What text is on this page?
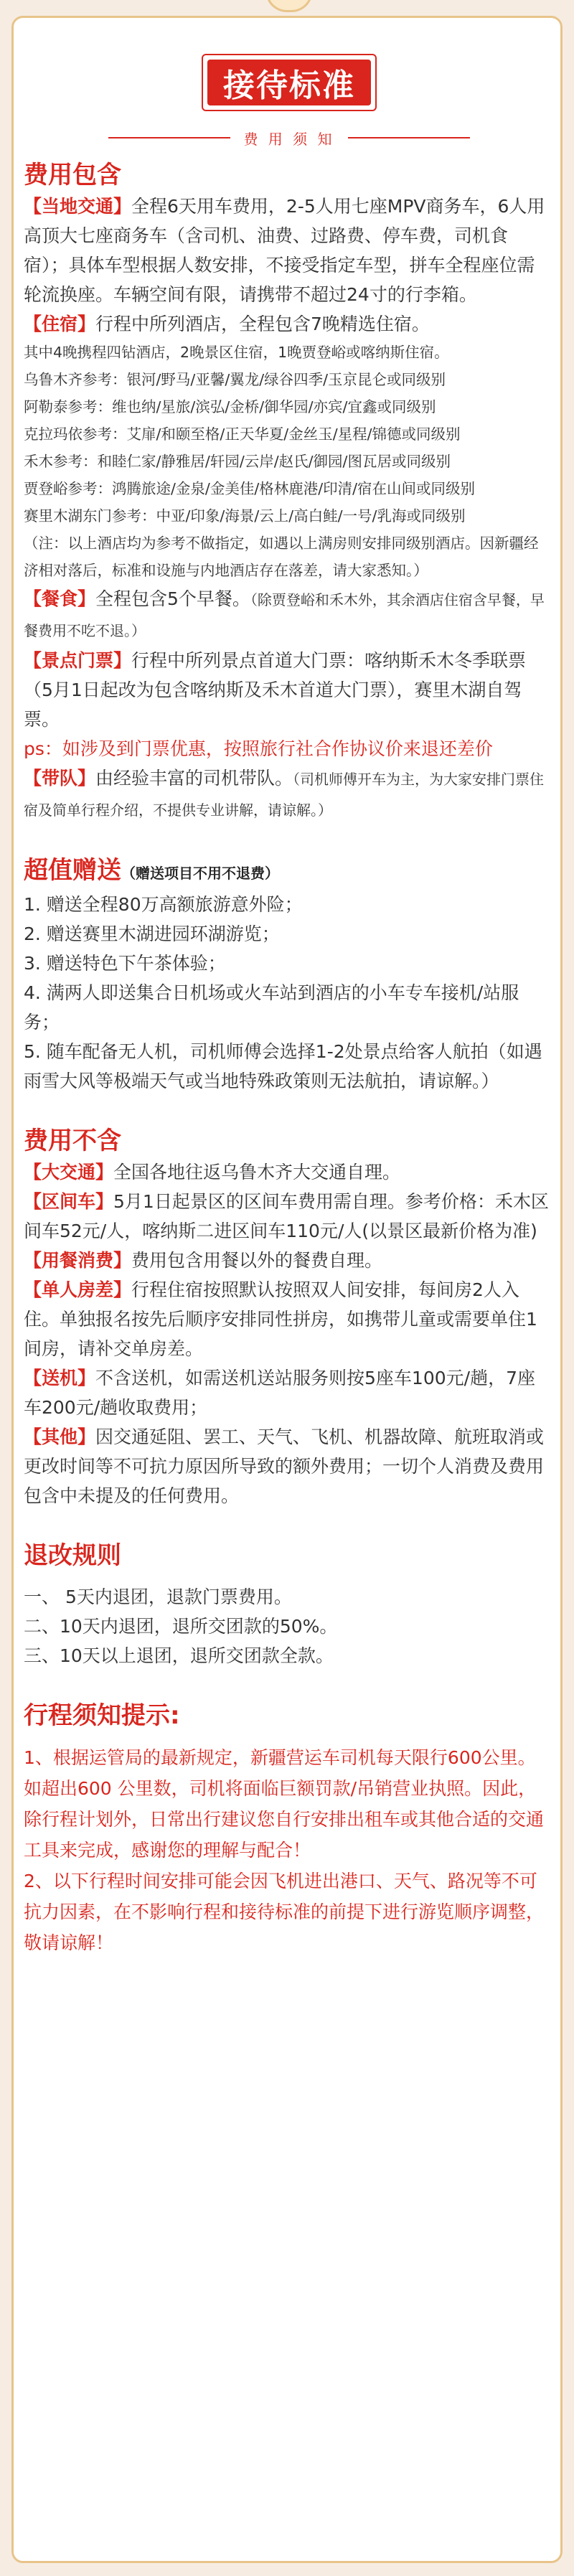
接待标准
费 用 须 知

费用包含

【当地交通】全程6天用车费用，2-5人用七座MPV商务车，6人用高顶大七座商务车（含司机、油费、过路费、停车费，司机食宿）；具体车型根据人数安排，不接受指定车型，拼车全程座位需轮流换座。车辆空间有限，请携带不超过24寸的行李箱。

【住宿】行程中所列酒店，全程包含7晚精选住宿。

其中4晚携程四钻酒店，2晚景区住宿，1晚贾登峪或喀纳斯住宿。

乌鲁木齐参考：银河/野马/亚馨/翼龙/绿谷四季/玉京昆仑或同级别

阿勒泰参考：维也纳/星旅/滨弘/金桥/御华园/亦宾/宜鑫或同级别

克拉玛依参考：艾扉/和颐至格/正天华夏/金丝玉/星程/锦德或同级别

禾木参考：和睦仁家/静雅居/轩园/云岸/赵氏/御园/图瓦居或同级别

贾登峪参考：鸿腾旅途/金泉/金美佳/格林鹿港/印清/宿在山间或同级别

赛里木湖东门参考：中亚/印象/海景/云上/高白鲑/一号/乳海或同级别

（注：以上酒店均为参考不做指定，如遇以上满房则安排同级别酒店。因新疆经济相对落后，标准和设施与内地酒店存在落差，请大家悉知。）

【餐食】全程包含5个早餐。（除贾登峪和禾木外，其余酒店住宿含早餐，早餐费用不吃不退。）

【景点门票】行程中所列景点首道大门票：喀纳斯禾木冬季联票（5月1日起改为包含喀纳斯及禾木首道大门票），赛里木湖自驾票。

ps：如涉及到门票优惠，按照旅行社合作协议价来退还差价

【带队】由经验丰富的司机带队。（司机师傅开车为主，为大家安排门票住宿及简单行程介绍，不提供专业讲解，请谅解。）

超值赠送（赠送项目不用不退费）

1. 赠送全程80万高额旅游意外险；

2. 赠送赛里木湖进园环湖游览；

3. 赠送特色下午茶体验；

4. 满两人即送集合日机场或火车站到酒店的小车专车接机/站服务；

5. 随车配备无人机，司机师傅会选择1-2处景点给客人航拍（如遇雨雪大风等极端天气或当地特殊政策则无法航拍，请谅解。）

费用不含

【大交通】全国各地往返乌鲁木齐大交通自理。

【区间车】5月1日起景区的区间车费用需自理。参考价格：禾木区间车52元/人，喀纳斯二进区间车110元/人(以景区最新价格为准)

【用餐消费】费用包含用餐以外的餐费自理。

【单人房差】行程住宿按照默认按照双人间安排，每间房2人入住。单独报名按先后顺序安排同性拼房，如携带儿童或需要单住1间房，请补交单房差。

【送机】不含送机，如需送机送站服务则按5座车100元/趟，7座车200元/趟收取费用；

【其他】因交通延阻、罢工、天气、飞机、机器故障、航班取消或更改时间等不可抗力原因所导致的额外费用；一切个人消费及费用包含中未提及的任何费用。

退改规则

一、 5天内退团，退款门票费用。

二、10天内退团，退所交团款的50%。

三、10天以上退团，退所交团款全款。

行程须知提示:

1、根据运管局的最新规定，新疆营运车司机每天限行600公里。如超出600 公里数，司机将面临巨额罚款/吊销营业执照。因此，除行程计划外，日常出行建议您自行安排出租车或其他合适的交通工具来完成，感谢您的理解与配合！

2、以下行程时间安排可能会因飞机进出港口、天气、路况等不可抗力因素，在不影响行程和接待标准的前提下进行游览顺序调整，敬请谅解！
